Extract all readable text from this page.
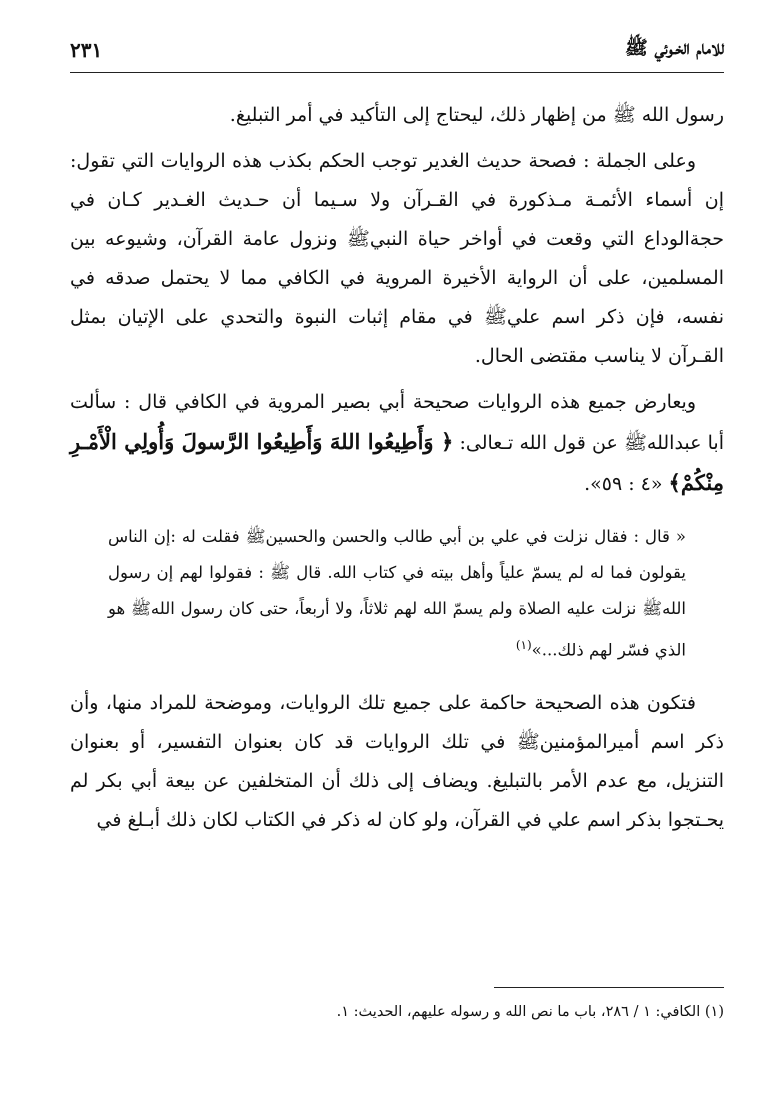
٢٣١	للامام الخـوئي ﷺ

رسول الله ﷺ من إظهار ذلك، ليحتاج إلى التأكيد في أمر التبليغ.

وعلى الجملة : فصحة حديث الغدير توجب الحكم بكذب هذه الروايات التي تقول: إن أسماء الأئمـة مـذكورة في القـرآن ولا سـيما أن حـديث الغـدير كـان في حجةالوداع التي وقعت في أواخر حياة النبيﷺ ونزول عامة القرآن، وشيوعه بين المسلمين، على أن الرواية الأخيرة المروية في الكافي مما لا يحتمل صدقه في نفسه، فإن ذكر اسم عليﷺ في مقام إثبات النبوة والتحدي على الإتيان بمثل القـرآن لا يناسب مقتضى الحال.

ويعارض جميع هذه الروايات صحيحة أبي بصير المروية في الكافي قال : سألت أبا عبداللهﷺ عن قول الله تـعالى: ﴿ وَأَطِيعُوا اللهَ وَأَطِيعُوا الرَّسولَ وَأُولِي الْأَمْـرِ مِنْكُمْ﴾ «٤ : ٥٩».

« قال : فقال نزلت في علي بن أبي طالب والحسن والحسينﷺ فقلت له :إن الناس يقولون فما له لم يسمّ علياً وأهل بيته في كتاب الله. قال ﷺ : فقولوا لهم إن رسول اللهﷺ نزلت عليه الصلاة ولم يسمّ الله لهم ثلاثاً، ولا أربعاً، حتى كان رسول اللهﷺ هو الذي فسّر لهم ذلك...»$^{(١)}$

فتكون هذه الصحيحة حاكمة على جميع تلك الروايات، وموضحة للمراد منها، وأن ذكر اسم أميرالمؤمنينﷺ في تلك الروايات قد كان بعنوان التفسير، أو بعنوان التنزيل، مع عدم الأمر بالتبليغ. ويضاف إلى ذلك أن المتخلفين عن بيعة أبي بكر لم يحـتجوا بذكر اسم علي في القرآن، ولو كان له ذكر في الكتاب لكان ذلك أبـلغ في

(١) الكافي: ١ / ٢٨٦، باب ما نص الله و رسوله عليهم، الحديث: ١.
